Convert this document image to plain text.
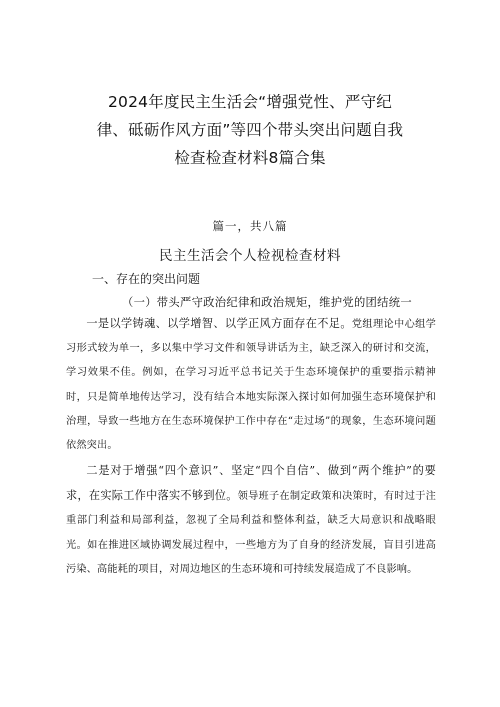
2024年度民主生活会“增强党性、严守纪
律、砥砺作风方面”等四个带头突出问题自我
检查检查材料8篇合集
篇一，共八篇
民主生活会个人检视检查材料
一、存在的突出问题
（一）带头严守政治纪律和政治规矩，维护党的团结统一
一是以学铸魂、以学增智、以学正风方面存在不足。党组理论中心组学习形式较为单一，多以集中学习文件和领导讲话为主，缺乏深入的研讨和交流，学习效果不佳。例如，在学习习近平总书记关于生态环境保护的重要指示精神时，只是简单地传达学习，没有结合本地实际深入探讨如何加强生态环境保护和治理，导致一些地方在生态环境保护工作中存在“走过场”的现象，生态环境问题依然突出。
二是对于增强“四个意识”、坚定“四个自信”、做到“两个维护”的要求，在实际工作中落实不够到位。领导班子在制定政策和决策时，有时过于注重部门利益和局部利益，忽视了全局利益和整体利益，缺乏大局意识和战略眼光。如在推进区域协调发展过程中，一些地方为了自身的经济发展，盲目引进高污染、高能耗的项目，对周边地区的生态环境和可持续发展造成了不良影响。
